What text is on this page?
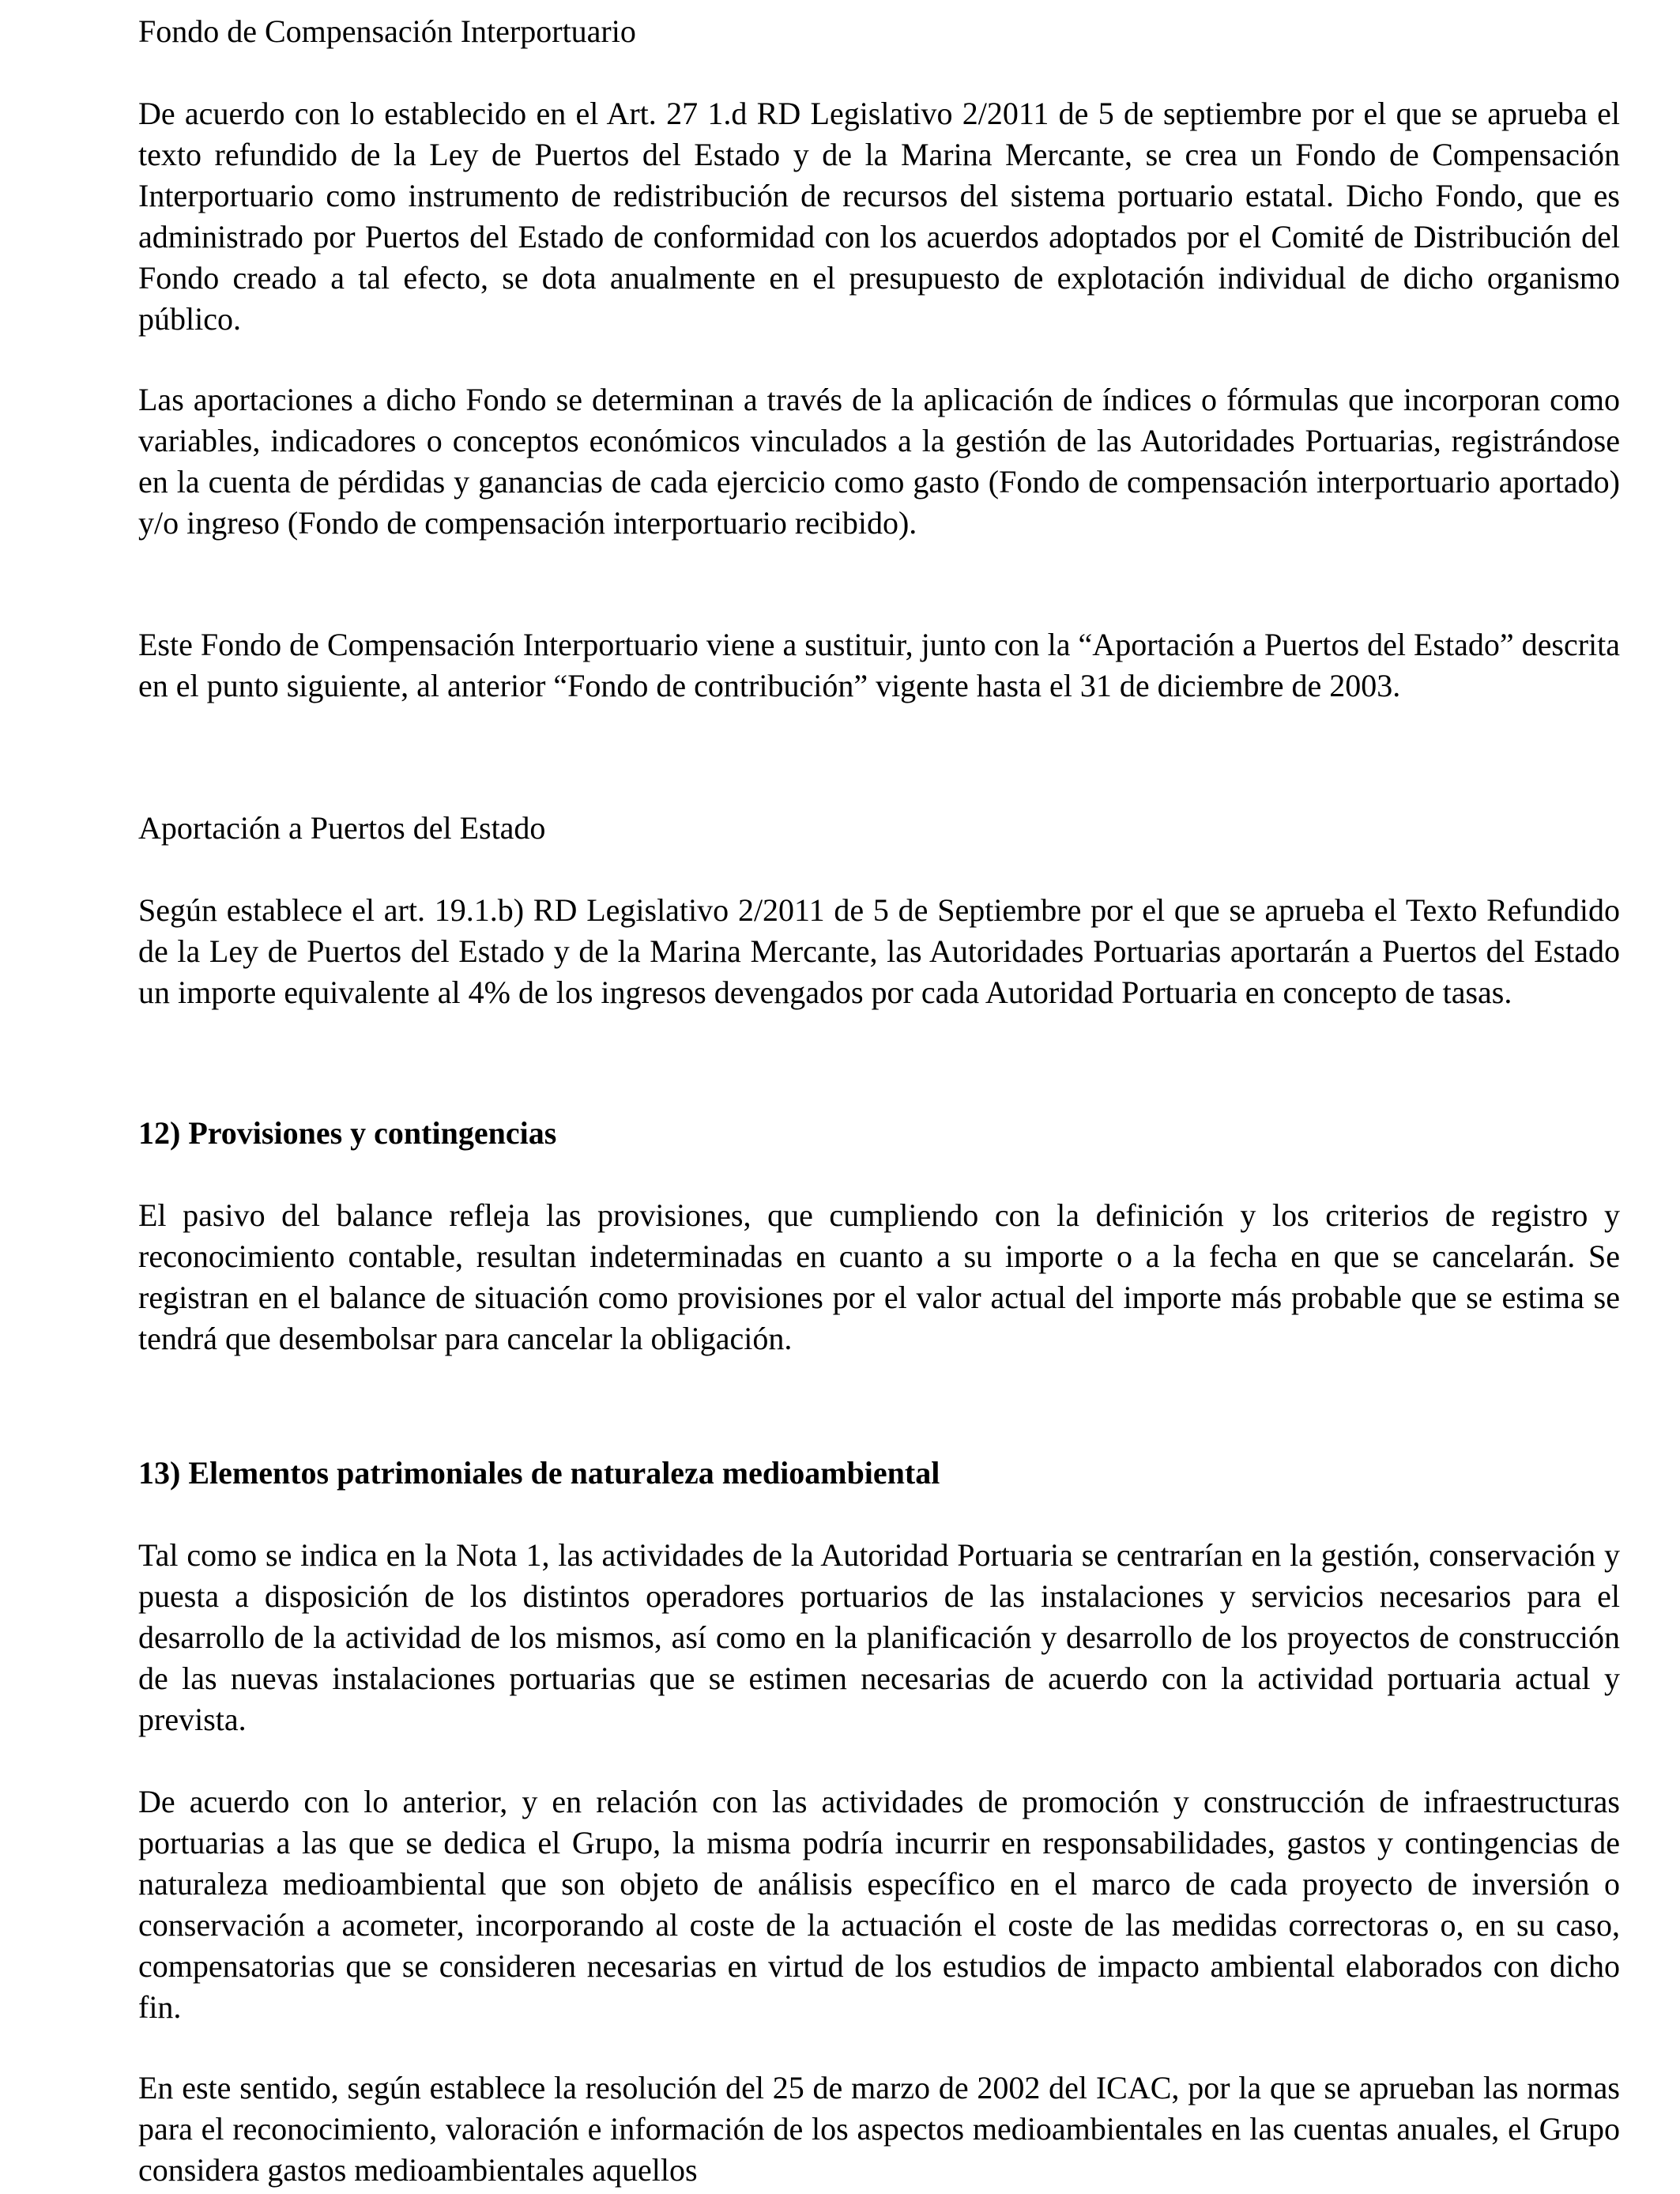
Fondo de Compensación Interportuario

De acuerdo con lo establecido en el Art. 27 1.d RD Legislativo 2/2011 de 5 de septiembre por el que se aprueba el texto refundido de la Ley de Puertos del Estado y de la Marina Mercante, se crea un Fondo de Compensación Interportuario como instrumento de redistribución de recursos del sistema portuario estatal. Dicho Fondo, que es administrado por Puertos del Estado de conformidad con los acuerdos adoptados por el Comité de Distribución del Fondo creado a tal efecto, se dota anualmente en el presupuesto de explotación individual de dicho organismo público.

Las aportaciones a dicho Fondo se determinan a través de la aplicación de índices o fórmulas que incorporan como variables, indicadores o conceptos económicos vinculados a la gestión de las Autoridades Portuarias, registrándose en la cuenta de pérdidas y ganancias de cada ejercicio como gasto (Fondo de compensación interportuario aportado) y/o ingreso (Fondo de compensación interportuario recibido).

Este Fondo de Compensación Interportuario viene a sustituir, junto con la “Aportación a Puertos del Estado” descrita en el punto siguiente, al anterior “Fondo de contribución” vigente hasta el 31 de diciembre de 2003.

Aportación a Puertos del Estado

Según establece el art. 19.1.b) RD Legislativo 2/2011 de 5 de Septiembre por el que se aprueba el Texto Refundido de la Ley de Puertos del Estado y de la Marina Mercante, las Autoridades Portuarias aportarán a Puertos del Estado un importe equivalente al 4% de los ingresos devengados por cada Autoridad Portuaria en concepto de tasas.

12) Provisiones y contingencias

El pasivo del balance refleja las provisiones, que cumpliendo con la definición y los criterios de registro y reconocimiento contable, resultan indeterminadas en cuanto a su importe o a la fecha en que se cancelarán. Se registran en el balance de situación como provisiones por el valor actual del importe más probable que se estima se tendrá que desembolsar para cancelar la obligación.

13) Elementos patrimoniales de naturaleza medioambiental

Tal como se indica en la Nota 1, las actividades de la Autoridad Portuaria se centrarían en la gestión, conservación y puesta a disposición de los distintos operadores portuarios de las instalaciones y servicios necesarios para el desarrollo de la actividad de los mismos, así como en la planificación y desarrollo de los proyectos de construcción de las nuevas instalaciones portuarias que se estimen necesarias de acuerdo con la actividad portuaria actual y prevista.

De acuerdo con lo anterior, y en relación con las actividades de promoción y construcción de infraestructuras portuarias a las que se dedica el Grupo, la misma podría incurrir en responsabilidades, gastos y contingencias de naturaleza medioambiental que son objeto de análisis específico en el marco de cada proyecto de inversión o conservación a acometer, incorporando al coste de la actuación el coste de las medidas correctoras o, en su caso, compensatorias que se consideren necesarias en virtud de los estudios de impacto ambiental elaborados con dicho fin.

En este sentido, según establece la resolución del 25 de marzo de 2002 del ICAC, por la que se aprueban las normas para el reconocimiento, valoración e información de los aspectos medioambientales en las cuentas anuales, el Grupo considera gastos medioambientales aquellos
